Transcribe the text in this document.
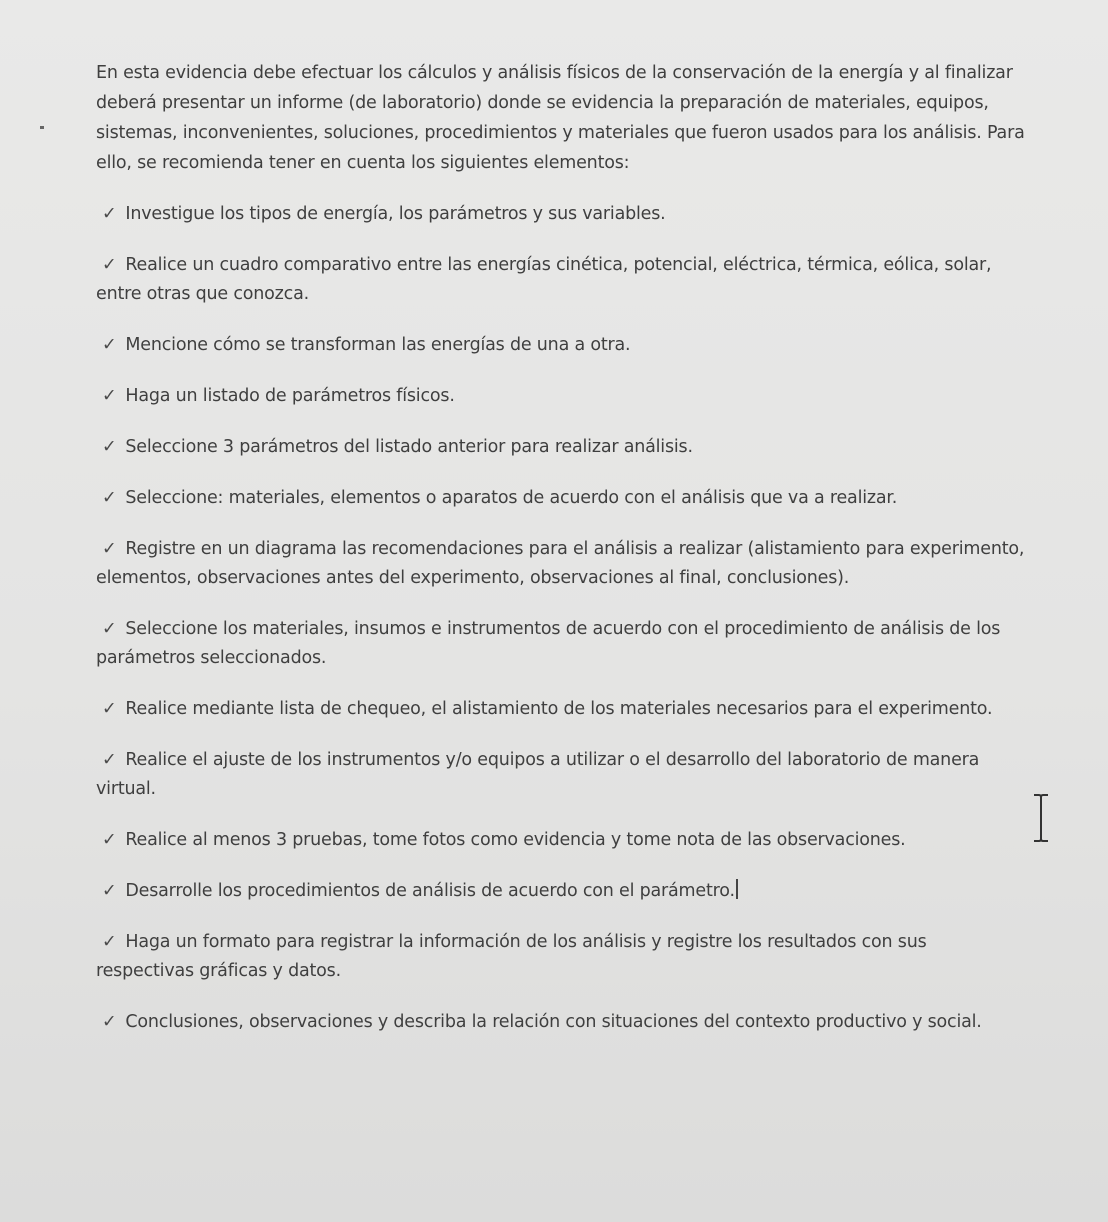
En esta evidencia debe efectuar los cálculos y análisis físicos de la conservación de la energía y al finalizar deberá presentar un informe (de laboratorio) donde se evidencia la preparación de materiales, equipos, sistemas, inconvenientes, soluciones, procedimientos y materiales que fueron usados para los análisis. Para ello, se recomienda tener en cuenta los siguientes elementos:

✓ Investigue los tipos de energía, los parámetros y sus variables.
✓ Realice un cuadro comparativo entre las energías cinética, potencial, eléctrica, térmica, eólica, solar, entre otras que conozca.
✓ Mencione cómo se transforman las energías de una a otra.
✓ Haga un listado de parámetros físicos.
✓ Seleccione 3 parámetros del listado anterior para realizar análisis.
✓ Seleccione: materiales, elementos o aparatos de acuerdo con el análisis que va a realizar.
✓ Registre en un diagrama las recomendaciones para el análisis a realizar (alistamiento para experimento, elementos, observaciones antes del experimento, observaciones al final, conclusiones).
✓ Seleccione los materiales, insumos e instrumentos de acuerdo con el procedimiento de análisis de los parámetros seleccionados.
✓ Realice mediante lista de chequeo, el alistamiento de los materiales necesarios para el experimento.
✓ Realice el ajuste de los instrumentos y/o equipos a utilizar o el desarrollo del laboratorio de manera virtual.
✓ Realice al menos 3 pruebas, tome fotos como evidencia y tome nota de las observaciones.
✓ Desarrolle los procedimientos de análisis de acuerdo con el parámetro.
✓ Haga un formato para registrar la información de los análisis y registre los resultados con sus respectivas gráficas y datos.
✓ Conclusiones, observaciones y describa la relación con situaciones del contexto productivo y social.
